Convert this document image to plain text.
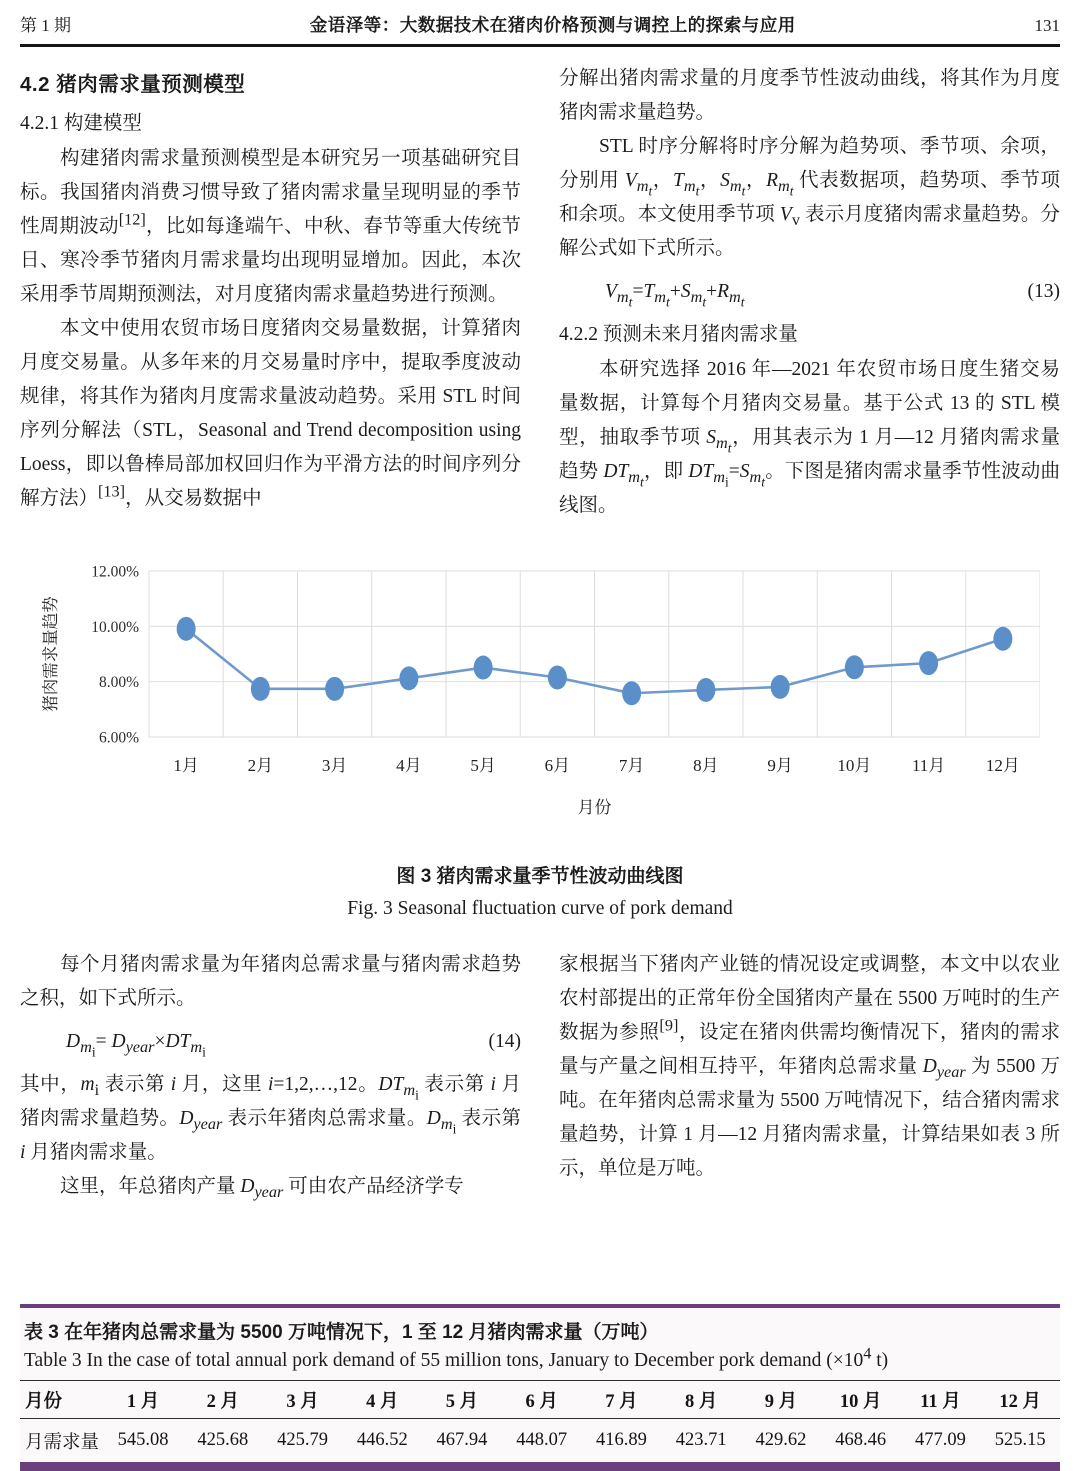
第 1 期	金语泽等：大数据技术在猪肉价格预测与调控上的探索与应用	131
4.2 猪肉需求量预测模型
4.2.1 构建模型

构建猪肉需求量预测模型是本研究另一项基础研究目标。我国猪肉消费习惯导致了猪肉需求量呈现明显的季节性周期波动[12]，比如每逢端午、中秋、春节等重大传统节日、寒冷季节猪肉月需求量均出现明显增加。因此，本次采用季节周期预测法，对月度猪肉需求量趋势进行预测。

本文中使用农贸市场日度猪肉交易量数据，计算猪肉月度交易量。从多年来的月交易量时序中，提取季度波动规律，将其作为猪肉月度需求量波动趋势。采用 STL 时间序列分解法（STL，Seasonal and Trend decomposition using Loess，即以鲁棒局部加权回归作为平滑方法的时间序列分解方法）[13]，从交易数据中

分解出猪肉需求量的月度季节性波动曲线，将其作为月度猪肉需求量趋势。

STL 时序分解将时序分解为趋势项、季节项、余项，分别用 $V_{m_t}$，$T_{m_t}$，$S_{m_t}$，$R_{m_t}$ 代表数据项，趋势项、季节项和余项。本文使用季节项 $V_v$ 表示月度猪肉需求量趋势。分解公式如下式所示。

$V_{m_t}=T_{m_t}+S_{m_t}+R_{m_t}$	(13)
4.2.2 预测未来月猪肉需求量

本研究选择 2016 年—2021 年农贸市场日度生猪交易量数据，计算每个月猪肉交易量。基于公式 13 的 STL 模型，抽取季节项 $S_{m_t}$，用其表示为 1 月—12 月猪肉需求量趋势 $DT_{m_t}$，即 $DT_{m_i}=S_{m_t}$。下图是猪肉需求量季节性波动曲线图。

6.00%
8.00%
10.00%
12.00%
1月	2月	3月	4月	5月	6月	7月	8月	9月	10月 11月 12月
猪肉需求量趋势
月份
图 3 猪肉需求量季节性波动曲线图
Fig. 3 Seasonal fluctuation curve of pork demand

每个月猪肉需求量为年猪肉总需求量与猪肉需求趋势之积，如下式所示。

$D_{m_i}= D_{year}\times DT_{m_i}$	(14)

其中，$m_i$ 表示第 i 月，这里 i=1,2,…,12。$DT_{m_i}$ 表示第 i 月猪肉需求量趋势。$D_{year}$ 表示年猪肉总需求量。$D_{m_i}$ 表示第 i 月猪肉需求量。

这里，年总猪肉产量 $D_{year}$ 可由农产品经济学专

家根据当下猪肉产业链的情况设定或调整，本文中以农业农村部提出的正常年份全国猪肉产量在 5500 万吨时的生产数据为参照[9]，设定在猪肉供需均衡情况下，猪肉的需求量与产量之间相互持平，年猪肉总需求量 $D_{year}$ 为 5500 万吨。在年猪肉总需求量为 5500 万吨情况下，结合猪肉需求量趋势，计算 1 月—12 月猪肉需求量，计算结果如表 3 所示，单位是万吨。

表 3 在年猪肉总需求量为 5500 万吨情况下，1 至 12 月猪肉需求量（万吨）
Table 3 In the case of total annual pork demand of 55 million tons, January to December pork demand ($\times 10^4$ t)
月份	1 月	2 月	3 月	4 月	5 月	6 月	7 月	8 月	9 月	10 月	11 月	12 月
月需求量	545.08	425.68	425.79	446.52	467.94	448.07	416.89	423.71	429.62	468.46	477.09	525.15
